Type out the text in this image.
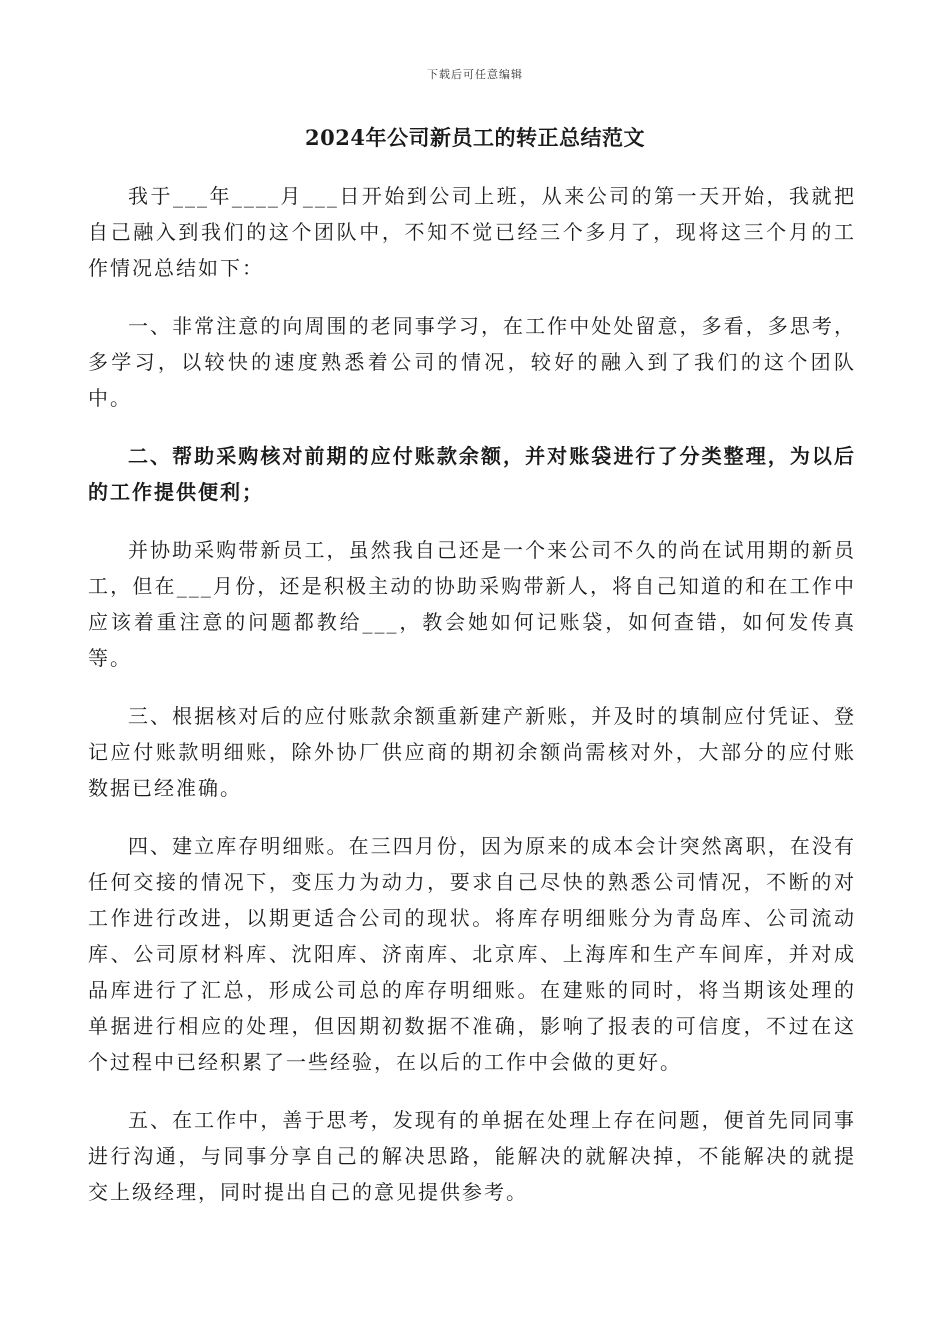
下载后可任意编辑
2024年公司新员工的转正总结范文

我于___年____月___日开始到公司上班，从来公司的第一天开始，我就把自己融入到我们的这个团队中，不知不觉已经三个多月了，现将这三个月的工作情况总结如下：

一、非常注意的向周围的老同事学习，在工作中处处留意，多看，多思考，多学习，以较快的速度熟悉着公司的情况，较好的融入到了我们的这个团队中。

二、帮助采购核对前期的应付账款余额，并对账袋进行了分类整理，为以后的工作提供便利；

并协助采购带新员工，虽然我自己还是一个来公司不久的尚在试用期的新员工，但在___月份，还是积极主动的协助采购带新人，将自己知道的和在工作中应该着重注意的问题都教给___，教会她如何记账袋，如何查错，如何发传真等。

三、根据核对后的应付账款余额重新建产新账，并及时的填制应付凭证、登记应付账款明细账，除外协厂供应商的期初余额尚需核对外，大部分的应付账数据已经准确。

四、建立库存明细账。在三四月份，因为原来的成本会计突然离职，在没有任何交接的情况下，变压力为动力，要求自己尽快的熟悉公司情况，不断的对工作进行改进，以期更适合公司的现状。将库存明细账分为青岛库、公司流动库、公司原材料库、沈阳库、济南库、北京库、上海库和生产车间库，并对成品库进行了汇总，形成公司总的库存明细账。在建账的同时，将当期该处理的单据进行相应的处理，但因期初数据不准确，影响了报表的可信度，不过在这个过程中已经积累了一些经验，在以后的工作中会做的更好。

五、在工作中，善于思考，发现有的单据在处理上存在问题，便首先同同事进行沟通，与同事分享自己的解决思路，能解决的就解决掉，不能解决的就提交上级经理，同时提出自己的意见提供参考。
